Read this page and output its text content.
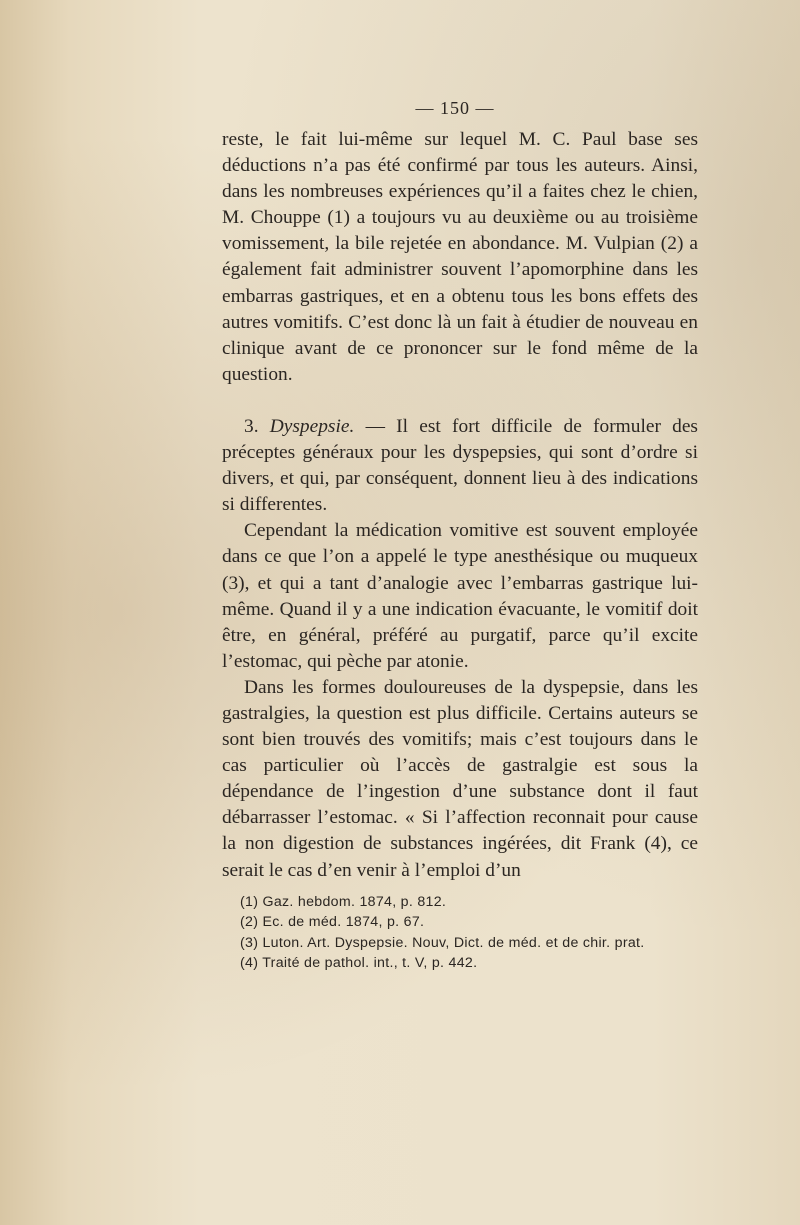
— 150 —

reste, le fait lui-même sur lequel M. C. Paul base ses déductions n’a pas été confirmé par tous les auteurs. Ainsi, dans les nombreuses expériences qu’il a faites chez le chien, M. Chouppe (1) a toujours vu au deuxième ou au troisième vomissement, la bile rejetée en abondance. M. Vulpian (2) a également fait administrer souvent l’apomorphine dans les embarras gastriques, et en a obtenu tous les bons effets des autres vomitifs. C’est donc là un fait à étudier de nouveau en clinique avant de ce prononcer sur le fond même de la question.

3. Dyspepsie. — Il est fort difficile de formuler des préceptes généraux pour les dyspepsies, qui sont d’ordre si divers, et qui, par conséquent, donnent lieu à des indications si differentes.

Cependant la médication vomitive est souvent employée dans ce que l’on a appelé le type anesthésique ou muqueux (3), et qui a tant d’analogie avec l’embarras gastrique lui-même. Quand il y a une indication évacuante, le vomitif doit être, en général, préféré au purgatif, parce qu’il excite l’estomac, qui pèche par atonie.

Dans les formes douloureuses de la dyspepsie, dans les gastralgies, la question est plus difficile. Certains auteurs se sont bien trouvés des vomitifs; mais c’est toujours dans le cas particulier où l’accès de gastralgie est sous la dépendance de l’ingestion d’une substance dont il faut débarrasser l’estomac. « Si l’affection reconnait pour cause la non digestion de substances ingérées, dit Frank (4), ce serait le cas d’en venir à l’emploi d’un

(1) Gaz. hebdom. 1874, p. 812.
(2) Ec. de méd. 1874, p. 67.
(3) Luton. Art. Dyspepsie. Nouv, Dict. de méd. et de chir. prat.
(4) Traité de pathol. int., t. V, p. 442.
